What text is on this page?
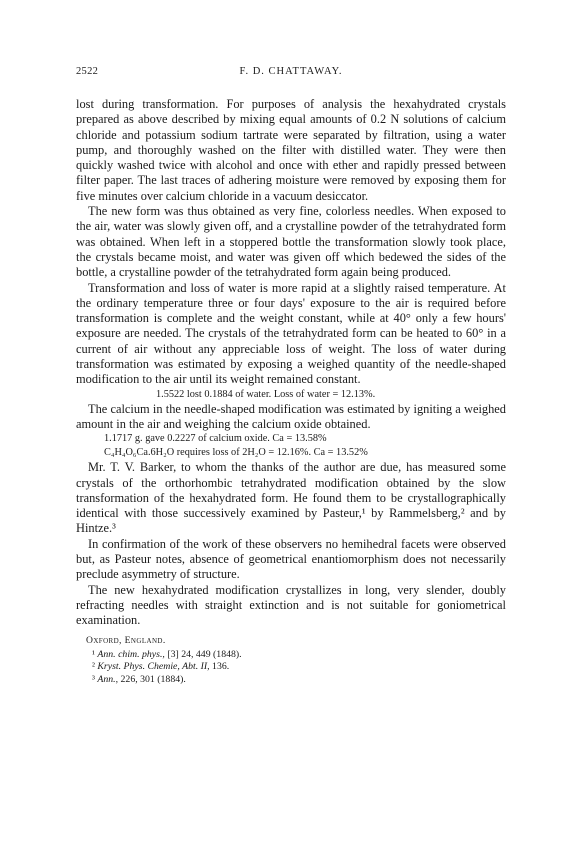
2522	F. D. CHATTAWAY.

lost during transformation. For purposes of analysis the hexahydrated crystals prepared as above described by mixing equal amounts of 0.2 N solutions of calcium chloride and potassium sodium tartrate were separated by filtration, using a water pump, and thoroughly washed on the filter with distilled water. They were then quickly washed twice with alcohol and once with ether and rapidly pressed between filter paper. The last traces of adhering moisture were removed by exposing them for five minutes over calcium chloride in a vacuum desiccator.

The new form was thus obtained as very fine, colorless needles. When exposed to the air, water was slowly given off, and a crystalline powder of the tetrahydrated form was obtained. When left in a stoppered bottle the transformation slowly took place, the crystals became moist, and water was given off which bedewed the sides of the bottle, a crystalline powder of the tetrahydrated form again being produced.

Transformation and loss of water is more rapid at a slightly raised temperature. At the ordinary temperature three or four days' exposure to the air is required before transformation is complete and the weight constant, while at 40° only a few hours' exposure are needed. The crystals of the tetrahydrated form can be heated to 60° in a current of air without any appreciable loss of weight. The loss of water during transformation was estimated by exposing a weighed quantity of the needle-shaped modification to the air until its weight remained constant.

1.5522 lost 0.1884 of water. Loss of water = 12.13%.

The calcium in the needle-shaped modification was estimated by igniting a weighed amount in the air and weighing the calcium oxide obtained.

1.1717 g. gave 0.2227 of calcium oxide. Ca = 13.58%
C₄H₄O₆Ca.6H₂O requires loss of 2H₂O = 12.16%. Ca = 13.52%

Mr. T. V. Barker, to whom the thanks of the author are due, has measured some crystals of the orthorhombic tetrahydrated modification obtained by the slow transformation of the hexahydrated form. He found them to be crystallographically identical with those successively examined by Pasteur,¹ by Rammelsberg,² and by Hintze.³

In confirmation of the work of these observers no hemihedral facets were observed but, as Pasteur notes, absence of geometrical enantiomorphism does not necessarily preclude asymmetry of structure.

The new hexahydrated modification crystallizes in long, very slender, doubly refracting needles with straight extinction and is not suitable for goniometrical examination.

Oxford, England.
¹ Ann. chim. phys., [3] 24, 449 (1848).
² Kryst. Phys. Chemie, Abt. II, 136.
³ Ann., 226, 301 (1884).
